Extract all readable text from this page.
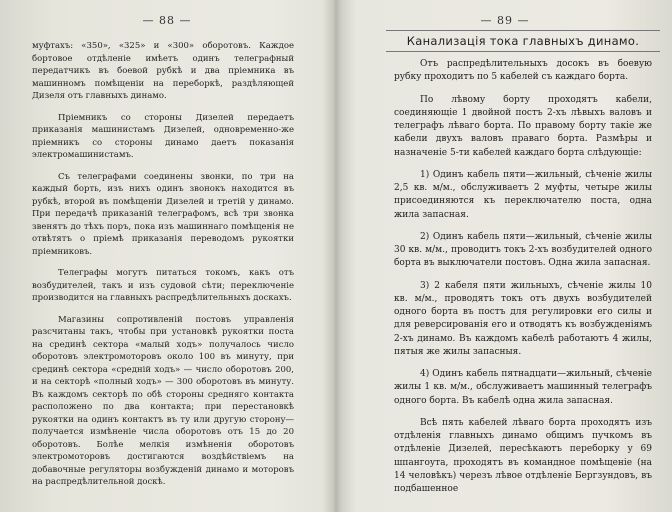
— 88 —

муфтахъ: «350», «325» и «300» оборотовъ. Каждое бортовое отдѣленіе имѣетъ одинъ телеграфный передатчикъ въ боевой рубкѣ и два пріемника въ машинномъ помѣщеніи на переборкѣ, раздѣляющей Дизеля отъ главныхъ динамо.

Пріемникъ со стороны Дизелей передаетъ приказанія машинистамъ Дизелей, одновременно-же пріемникъ со стороны динамо даетъ показанія электромашинистамъ.

Съ телеграфами соединены звонки, по три на каждый борть, изъ нихъ одинъ звонокъ находится въ рубкѣ, второй въ помѣщеніи Дизелей и третій у динамо. При передачѣ приказаній телеграфомъ, всѣ три звонка звенятъ до тѣхъ поръ, пока изъ машиннаго помѣщенія не отвѣтятъ о пріемѣ приказанія переводомъ рукоятки пріемниковъ.

Телеграфы могутъ питаться токомъ, какъ отъ возбудителей, такъ и изъ судовой сѣти; переключеніе производится на главныхъ распредѣлительныхъ доскахъ.

Магазины сопротивленій постовъ управленія разсчитаны такъ, чтобы при установкѣ рукоятки поста на срединѣ сектора «малый ходъ» получалось число оборотовъ электромоторовъ около 100 въ минуту, при срединѣ сектора «средній ходъ» — число оборотовъ 200, и на секторѣ «полный ходъ» — 300 оборотовъ въ минуту. Въ каждомъ секторѣ по обѣ стороны средняго контакта расположено по два контакта; при перестановкѣ рукоятки на одинъ контактъ въ ту или другую сторону—получается измѣненіе числа оборотовъ отъ 15 до 20 оборотовъ. Болѣе мелкія измѣненія оборотовъ электромоторовъ достигаются воздѣйствіемъ на добавочные регуляторы возбужденій динамо и моторовъ на распредѣлительной доскѣ.

— 89 —
Канализація тока главныхъ динамо.

Отъ распредѣлительныхъ досокъ въ боевую рубку проходитъ по 5 кабелей съ каждаго борта.

По лѣвому борту проходятъ кабели, соединяющіе 1 двойной постъ 2-хъ лѣвыхъ валовъ и телеграфъ лѣваго борта. По правому борту такіе же кабели двухъ валовъ праваго борта. Размѣры и назначеніе 5-ти кабелей каждаго борта слѣдующіе:

1) Одинъ кабель пяти—жильный, сѣченіе жилы 2,5 кв. м/м., обслуживаетъ 2 муфты, четыре жилы присоединяются къ переключателю поста, одна жила запасная.

2) Одинъ кабель пяти—жильный, сѣченіе жилы 30 кв. м/м., проводитъ токъ 2-хъ возбудителей одного борта въ выключатели постовъ. Одна жила запасная.

3) 2 кабеля пяти жильныхъ, сѣченіе жилы 10 кв. м/м., проводятъ токъ отъ двухъ возбудителей одного борта въ постъ для регулировки его силы и для реверсированія его и отводятъ къ возбужденіямъ 2-хъ динамо. Въ каждомъ кабелѣ работаютъ 4 жилы, пятыя же жилы запасныя.

4) Одинъ кабель пятнадцати—жильный, сѣченіе жилы 1 кв. м/м., обслуживаетъ машинный телеграфъ одного борта. Въ кабелѣ одна жила запасная.

Всѣ пять кабелей лѣваго борта проходятъ изъ отдѣленія главныхъ динамо общимъ пучкомъ въ отдѣленіе Дизелей, пересѣкаютъ переборку у 69 шпангоута, проходятъ въ командное помѣщеніе (на 14 человѣкъ) черезъ лѣвое отдѣленіе Бергзундовъ, въ подбашенное
